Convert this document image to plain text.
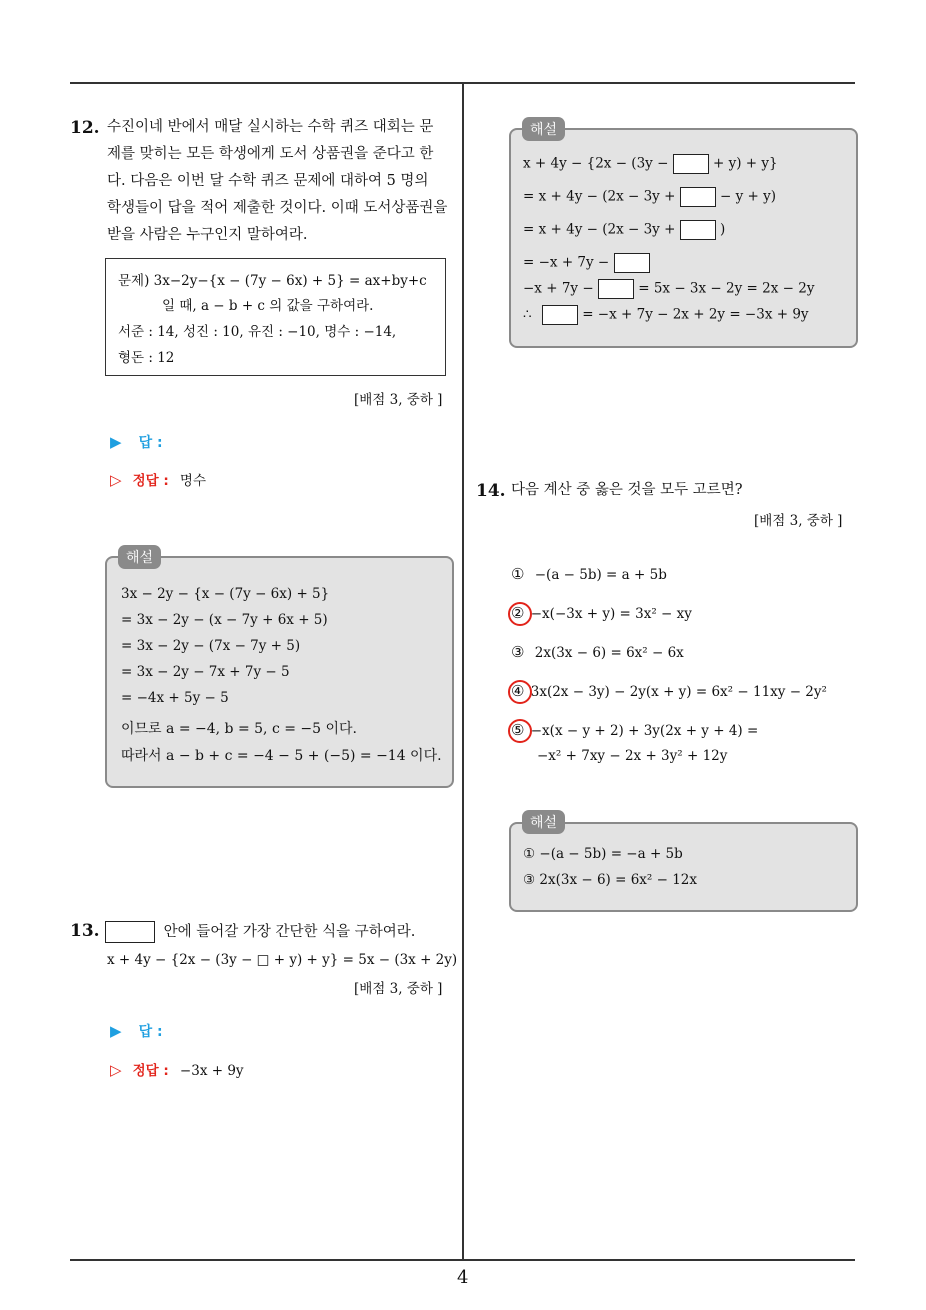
12. 수진이네 반에서 매달 실시하는 수학 퀴즈 대회는 문
제를 맞히는 모든 학생에게 도서 상품권을 준다고 한
다. 다음은 이번 달 수학 퀴즈 문제에 대하여 5 명의
학생들이 답을 적어 제출한 것이다. 이때 도서상품권을
받을 사람은 누구인지 말하여라.
문제) 3x−2y−{x − (7y − 6x) + 5} = ax+by+c
일 때, a − b + c 의 값을 구하여라.
서준 : 14, 성진 : 10, 유진 : −10, 명수 : −14,
형돈 : 12
[배점 3, 중하 ]
▶ 답 :
▷ 정답 : 명수
3x − 2y − {x − (7y − 6x) + 5}
= 3x − 2y − (x − 7y + 6x + 5)
= 3x − 2y − (7x − 7y + 5)
= 3x − 2y − 7x + 7y − 5
= −4x + 5y − 5
이므로 a = −4, b = 5, c = −5 이다.
따라서 a − b + c = −4 − 5 + (−5) = −14 이다.
해설
13.	안에 들어갈 가장 간단한 식을 구하여라.
x + 4y − {2x − (3y − □ + y) + y} = 5x − (3x + 2y)
[배점 3, 중하 ]
▶ 답 :
▷ 정답 : −3x + 9y
x + 4y − {2x − (3y −	+ y) + y}
= x + 4y − (2x − 3y +	− y + y)
= x + 4y − (2x − 3y +	)
= −x + 7y −
−x + 7y −	= 5x − 3x − 2y = 2x − 2y
∴	= −x + 7y − 2x + 2y = −3x + 9y
해설
14. 다음 계산 중 옳은 것을 모두 고르면?
[배점 3, 중하 ]
① −(a − 5b) = a + 5b
② −x(−3x + y) = 3x² − xy
③ 2x(3x − 6) = 6x² − 6x
④ 3x(2x − 3y) − 2y(x + y) = 6x² − 11xy − 2y²
⑤ −x(x − y + 2) + 3y(2x + y + 4) =
−x² + 7xy − 2x + 3y² + 12y
① −(a − 5b) = −a + 5b
③ 2x(3x − 6) = 6x² − 12x
해설
4
